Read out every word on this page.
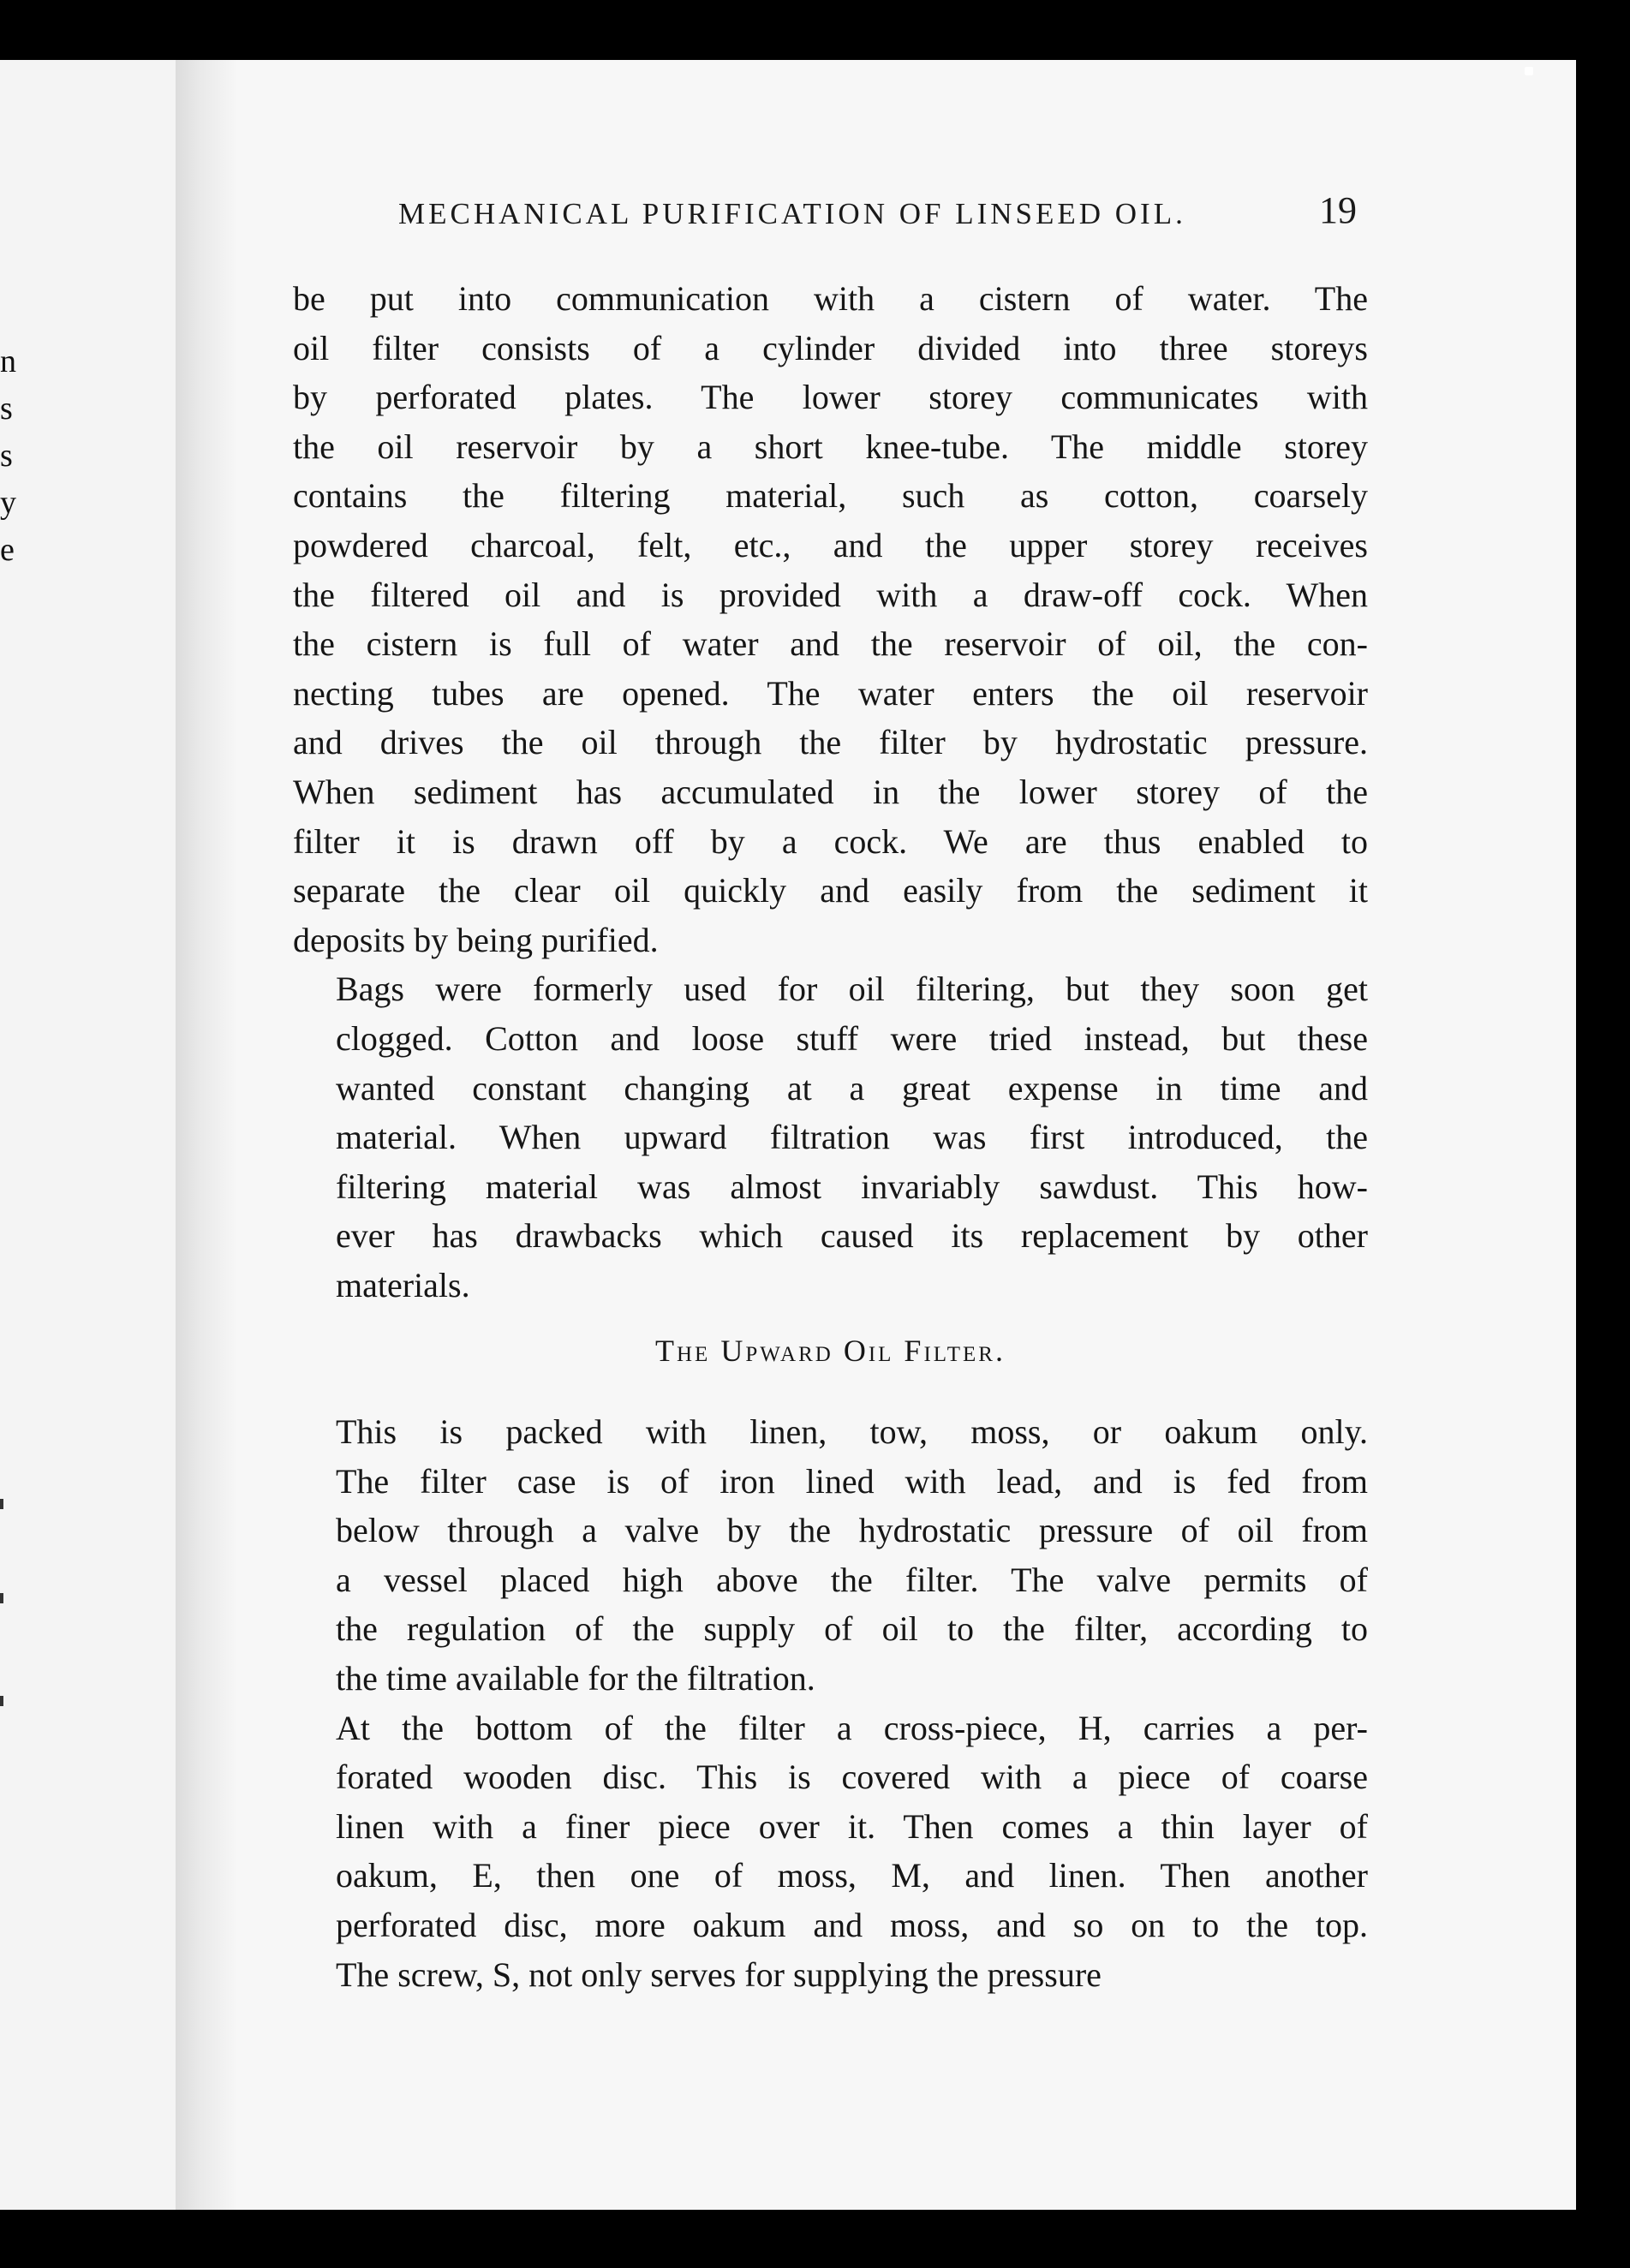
n
s
s
y
e
MECHANICAL PURIFICATION OF LINSEED OIL.	19

be put into communication with a cistern of water. The
oil filter consists of a cylinder divided into three storeys
by perforated plates. The lower storey communicates with
the oil reservoir by a short knee-tube. The middle storey
contains the filtering material, such as cotton, coarsely
powdered charcoal, felt, etc., and the upper storey receives
the filtered oil and is provided with a draw-off cock. When
the cistern is full of water and the reservoir of oil, the con-
necting tubes are opened. The water enters the oil reservoir
and drives the oil through the filter by hydrostatic pressure.
When sediment has accumulated in the lower storey of the
filter it is drawn off by a cock. We are thus enabled to
separate the clear oil quickly and easily from the sediment it
deposits by being purified.

Bags were formerly used for oil filtering, but they soon get
clogged. Cotton and loose stuff were tried instead, but these
wanted constant changing at a great expense in time and
material. When upward filtration was first introduced, the
filtering material was almost invariably sawdust. This how-
ever has drawbacks which caused its replacement by other
materials.

The Upward Oil Filter.

This is packed with linen, tow, moss, or oakum only.
The filter case is of iron lined with lead, and is fed from
below through a valve by the hydrostatic pressure of oil from
a vessel placed high above the filter. The valve permits of
the regulation of the supply of oil to the filter, according to
the time available for the filtration.

At the bottom of the filter a cross-piece, H, carries a per-
forated wooden disc. This is covered with a piece of coarse
linen with a finer piece over it. Then comes a thin layer of
oakum, E, then one of moss, M, and linen. Then another
perforated disc, more oakum and moss, and so on to the top.
The screw, S, not only serves for supplying the pressure
